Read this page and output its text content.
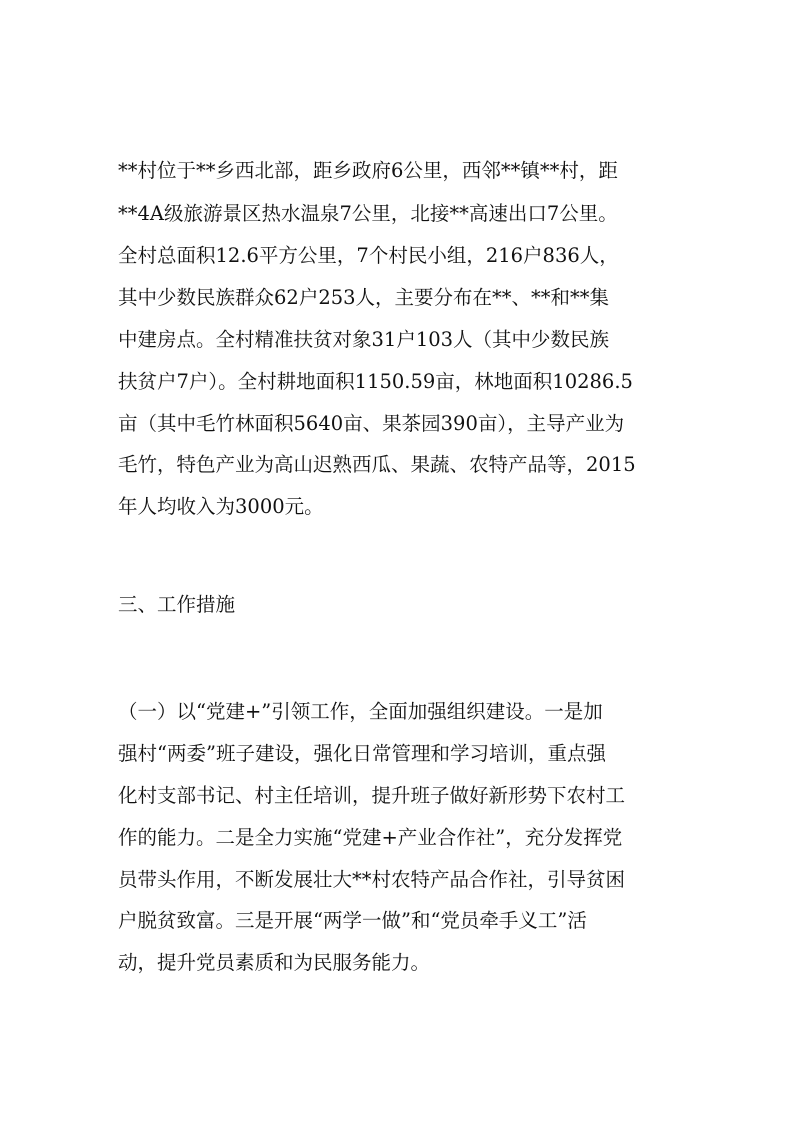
**村位于**乡西北部，距乡政府6公里，西邻**镇**村，距
**4A级旅游景区热水温泉7公里，北接**高速出口7公里。
全村总面积12.6平方公里，7个村民小组，216户836人，
其中少数民族群众62户253人，主要分布在**、**和**集
中建房点。全村精准扶贫对象31户103人（其中少数民族
扶贫户7户）。全村耕地面积1150.59亩，林地面积10286.5
亩（其中毛竹林面积5640亩、果茶园390亩），主导产业为
毛竹，特色产业为高山迟熟西瓜、果蔬、农特产品等，2015
年人均收入为3000元。
三、工作措施
（一）以“党建+”引领工作，全面加强组织建设。一是加
强村“两委”班子建设，强化日常管理和学习培训，重点强
化村支部书记、村主任培训，提升班子做好新形势下农村工
作的能力。二是全力实施“党建+产业合作社”，充分发挥党
员带头作用，不断发展壮大**村农特产品合作社，引导贫困
户脱贫致富。三是开展“两学一做”和“党员牵手义工”活
动，提升党员素质和为民服务能力。
